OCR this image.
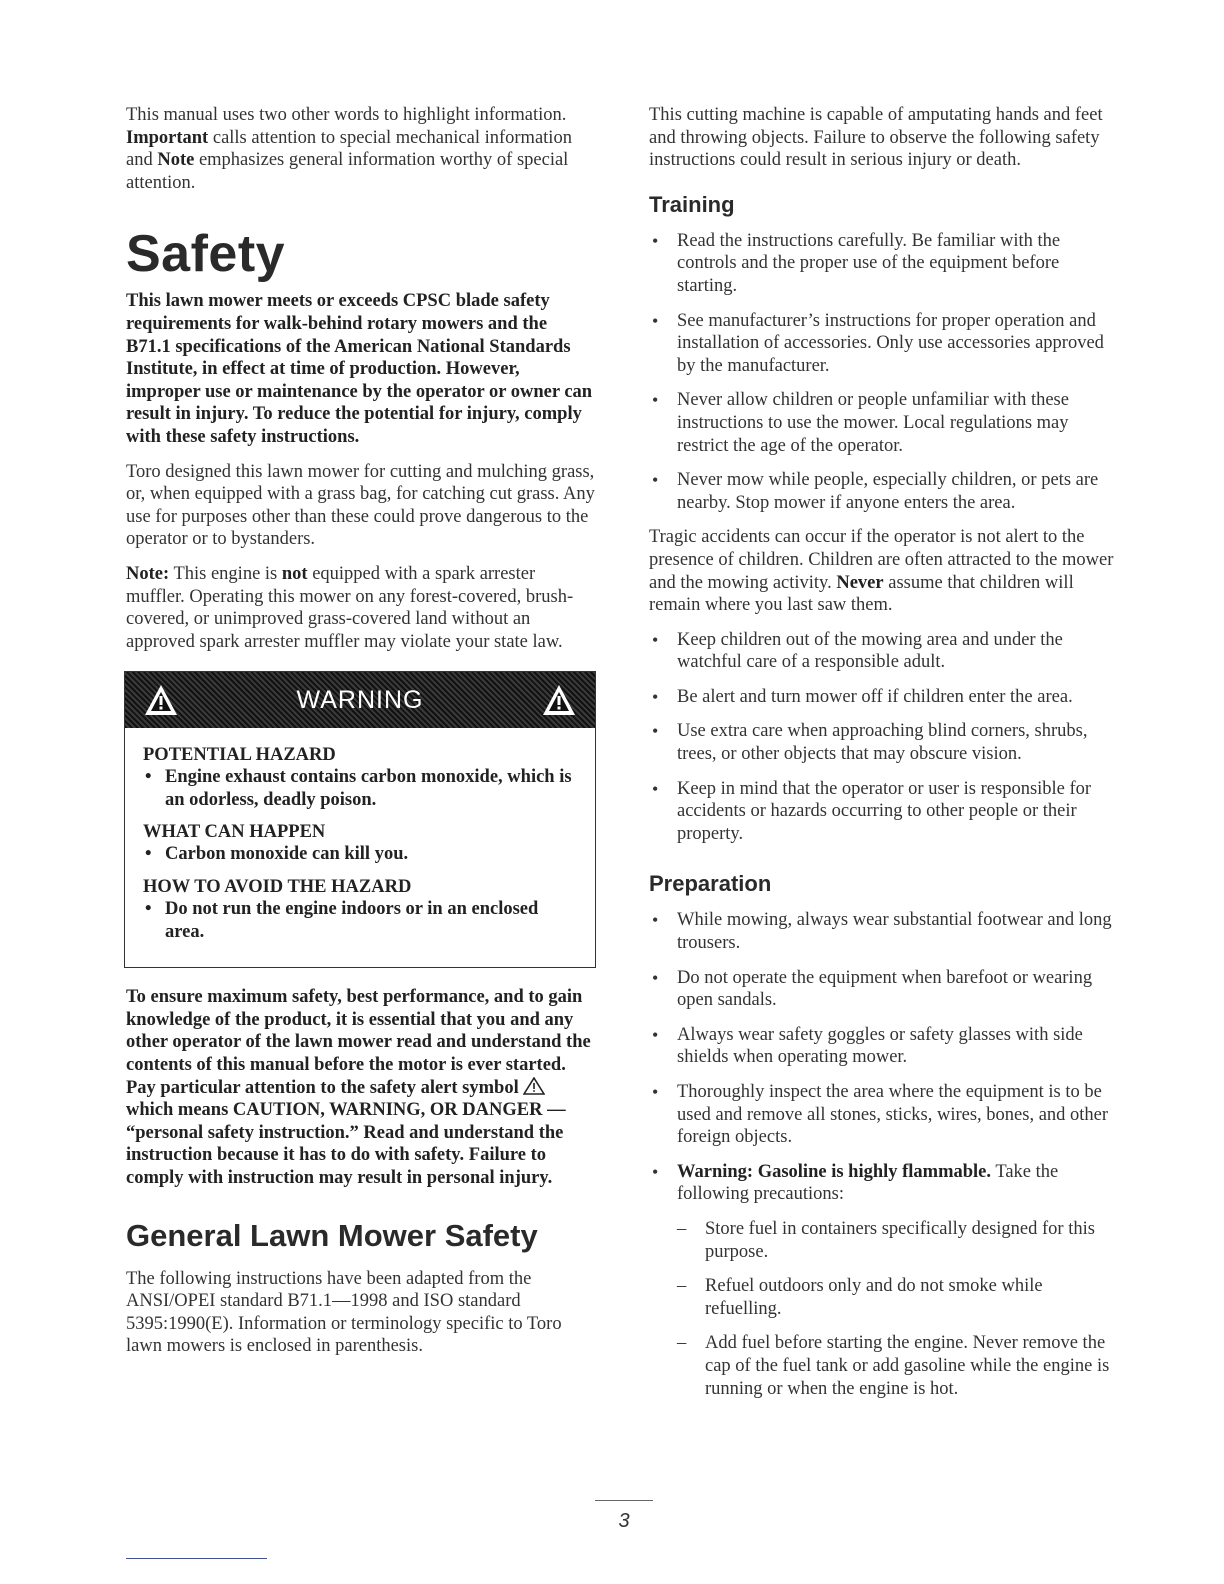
This manual uses two other words to highlight information. Important calls attention to special mechanical information and Note emphasizes general information worthy of special attention.

Safety

This lawn mower meets or exceeds CPSC blade safety requirements for walk-behind rotary mowers and the B71.1 specifications of the American National Standards Institute, in effect at time of production. However, improper use or maintenance by the operator or owner can result in injury. To reduce the potential for injury, comply with these safety instructions.

Toro designed this lawn mower for cutting and mulching grass, or, when equipped with a grass bag, for catching cut grass. Any use for purposes other than these could prove dangerous to the operator or to bystanders.

Note: This engine is not equipped with a spark arrester muffler. Operating this mower on any forest-covered, brush-covered, or unimproved grass-covered land without an approved spark arrester muffler may violate your state law.

WARNING
POTENTIAL HAZARD
• Engine exhaust contains carbon monoxide, which is an odorless, deadly poison.
WHAT CAN HAPPEN
• Carbon monoxide can kill you.
HOW TO AVOID THE HAZARD
• Do not run the engine indoors or in an enclosed area.

To ensure maximum safety, best performance, and to gain knowledge of the product, it is essential that you and any other operator of the lawn mower read and understand the contents of this manual before the motor is ever started. Pay particular attention to the safety alert symbol  which means CAUTION, WARNING, OR DANGER — “personal safety instruction.” Read and understand the instruction because it has to do with safety. Failure to comply with instruction may result in personal injury.

General Lawn Mower Safety

The following instructions have been adapted from the ANSI/OPEI standard B71.1—1998 and ISO standard 5395:1990(E). Information or terminology specific to Toro lawn mowers is enclosed in parenthesis.

This cutting machine is capable of amputating hands and feet and throwing objects. Failure to observe the following safety instructions could result in serious injury or death.

Training
• Read the instructions carefully. Be familiar with the controls and the proper use of the equipment before starting.
• See manufacturer’s instructions for proper operation and installation of accessories. Only use accessories approved by the manufacturer.
• Never allow children or people unfamiliar with these instructions to use the mower. Local regulations may restrict the age of the operator.
• Never mow while people, especially children, or pets are nearby. Stop mower if anyone enters the area.

Tragic accidents can occur if the operator is not alert to the presence of children. Children are often attracted to the mower and the mowing activity. Never assume that children will remain where you last saw them.

• Keep children out of the mowing area and under the watchful care of a responsible adult.
• Be alert and turn mower off if children enter the area.
• Use extra care when approaching blind corners, shrubs, trees, or other objects that may obscure vision.
• Keep in mind that the operator or user is responsible for accidents or hazards occurring to other people or their property.
Preparation
• While mowing, always wear substantial footwear and long trousers.
• Do not operate the equipment when barefoot or wearing open sandals.
• Always wear safety goggles or safety glasses with side shields when operating mower.
• Thoroughly inspect the area where the equipment is to be used and remove all stones, sticks, wires, bones, and other foreign objects.
• Warning: Gasoline is highly flammable. Take the following precautions:
– Store fuel in containers specifically designed for this purpose.
– Refuel outdoors only and do not smoke while refuelling.
– Add fuel before starting the engine. Never remove the cap of the fuel tank or add gasoline while the engine is running or when the engine is hot.
3
